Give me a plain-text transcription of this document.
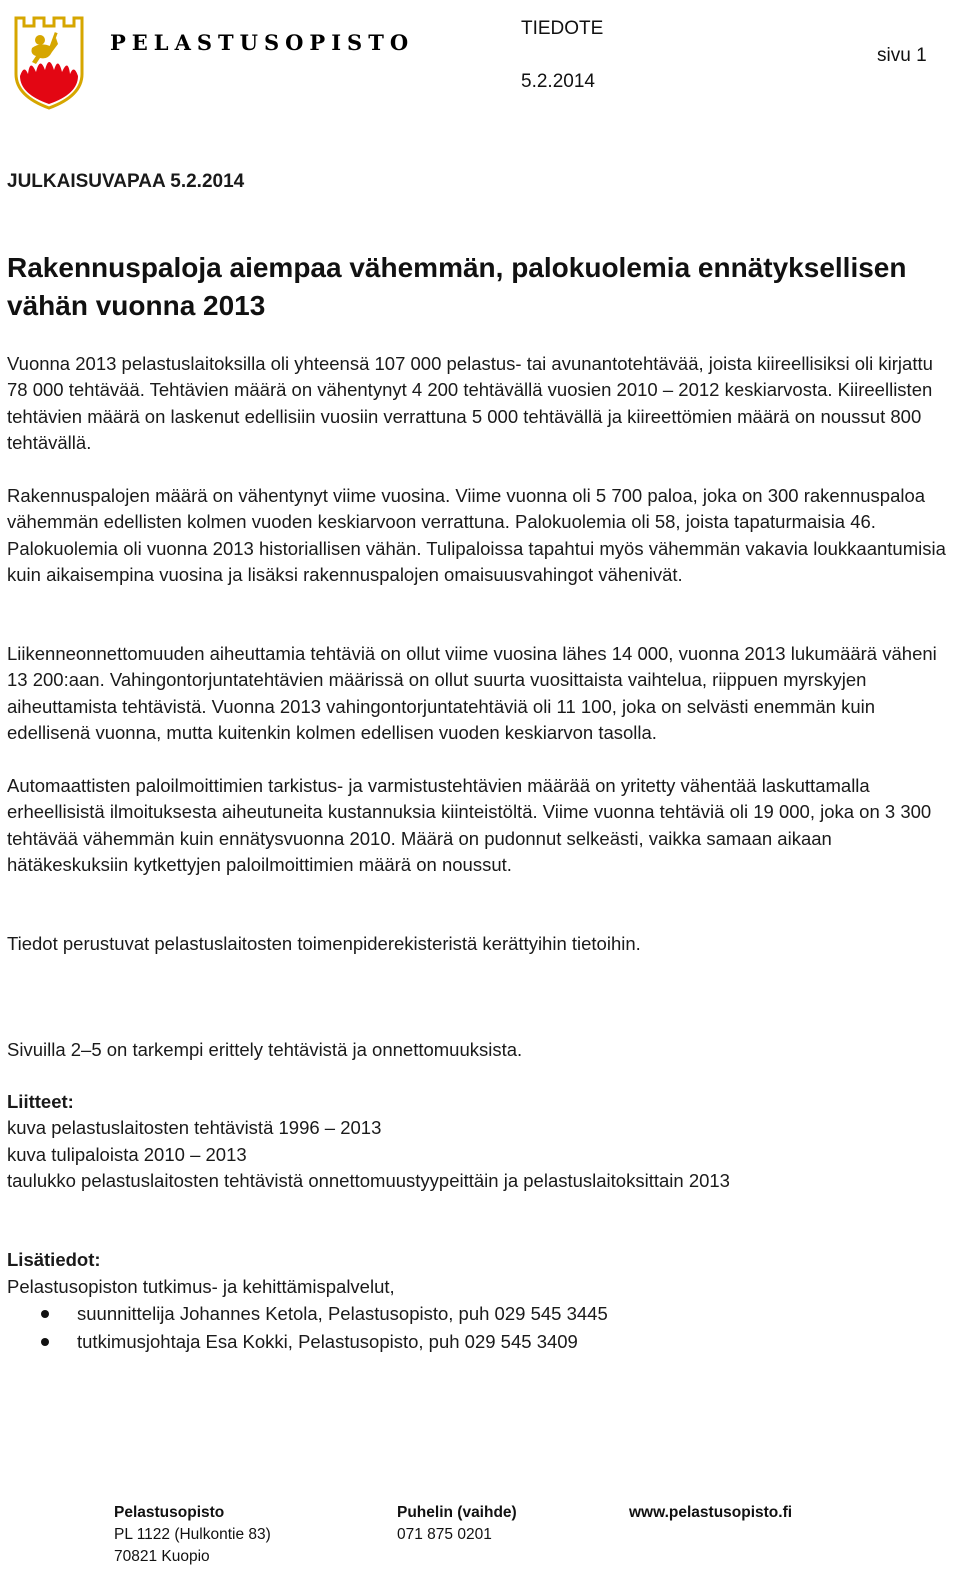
PELASTUSOPISTO
TIEDOTE
5.2.2014
sivu 1
JULKAISUVAPAA 5.2.2014
Rakennuspaloja aiempaa vähemmän, palokuolemia ennätyksellisen vähän vuonna 2013
Vuonna 2013 pelastuslaitoksilla oli yhteensä 107 000 pelastus- tai avunantotehtävää, joista kiireellisiksi oli kirjattu 78 000 tehtävää. Tehtävien määrä on vähentynyt 4 200 tehtävällä vuosien 2010 – 2012 keskiarvosta. Kiireellisten tehtävien määrä on laskenut edellisiin vuosiin verrattuna 5 000 tehtävällä ja kiireettömien määrä on noussut 800 tehtävällä.
Rakennuspalojen määrä on vähentynyt viime vuosina. Viime vuonna oli 5 700 paloa, joka on 300 rakennuspaloa vähemmän edellisten kolmen vuoden keskiarvoon verrattuna. Palokuolemia oli 58, joista tapaturmaisia 46. Palokuolemia oli vuonna 2013 historiallisen vähän. Tulipaloissa tapahtui myös vähemmän vakavia loukkaantumisia kuin aikaisempina vuosina ja lisäksi rakennuspalojen omaisuusvahingot vähenivät.
Liikenneonnettomuuden aiheuttamia tehtäviä on ollut viime vuosina lähes 14 000, vuonna 2013 lukumäärä väheni 13 200:aan. Vahingontorjuntatehtävien määrissä on ollut suurta vuosittaista vaihtelua, riippuen myrskyjen aiheuttamista tehtävistä. Vuonna 2013 vahingontorjuntatehtäviä oli 11 100, joka on selvästi enemmän kuin edellisenä vuonna, mutta kuitenkin kolmen edellisen vuoden keskiarvon tasolla.
Automaattisten paloilmoittimien tarkistus- ja varmistustehtävien määrää on yritetty vähentää laskuttamalla erheellisistä ilmoituksesta aiheutuneita kustannuksia kiinteistöltä. Viime vuonna tehtäviä oli 19 000, joka on 3 300 tehtävää vähemmän kuin ennätysvuonna 2010. Määrä on pudonnut selkeästi, vaikka samaan aikaan hätäkeskuksiin kytkettyjen paloilmoittimien määrä on noussut.
Tiedot perustuvat pelastuslaitosten toimenpiderekisteristä kerättyihin tietoihin.
Sivuilla 2–5 on tarkempi erittely tehtävistä ja onnettomuuksista.
Liitteet:
kuva pelastuslaitosten tehtävistä 1996 – 2013
kuva tulipaloista 2010 – 2013
taulukko pelastuslaitosten tehtävistä onnettomuustyypeittäin ja pelastuslaitoksittain 2013
Lisätiedot:
Pelastusopiston tutkimus- ja kehittämispalvelut,
suunnittelija Johannes Ketola, Pelastusopisto, puh 029 545 3445
tutkimusjohtaja Esa Kokki, Pelastusopisto, puh 029 545 3409
Pelastusopisto
PL 1122 (Hulkontie 83)
70821 Kuopio
Puhelin (vaihde)
071 875 0201
www.pelastusopisto.fi
